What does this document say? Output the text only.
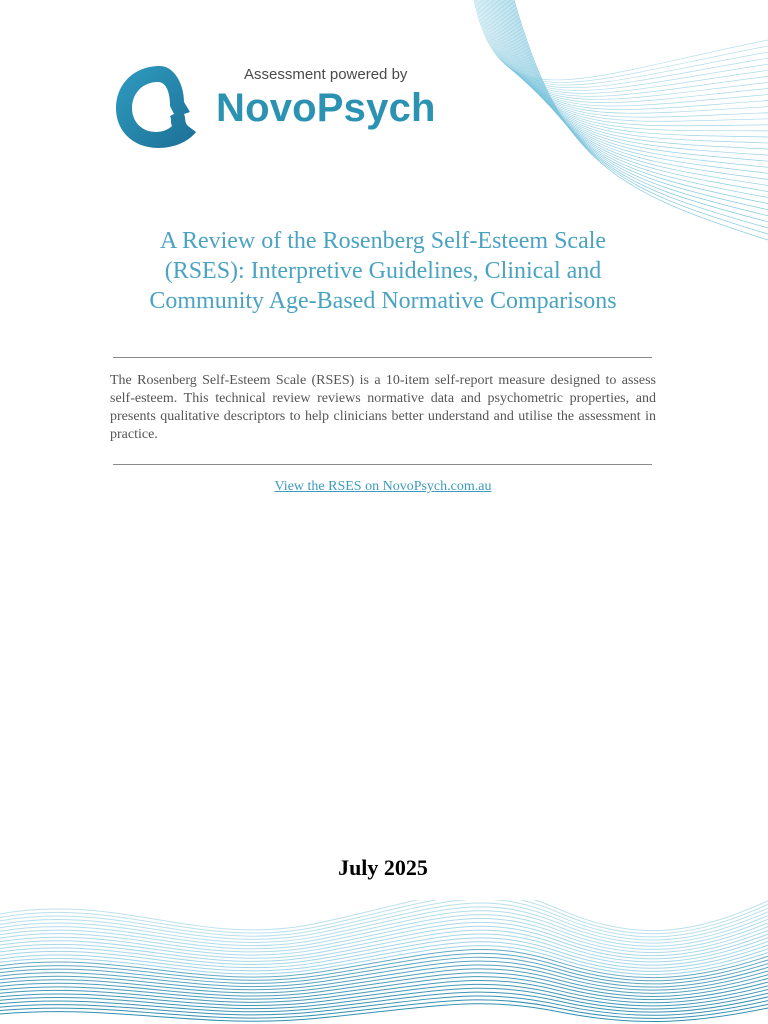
Assessment powered by
NovoPsych
A Review of the Rosenberg Self-Esteem Scale
(RSES): Interpretive Guidelines, Clinical and
Community Age-Based Normative Comparisons

The Rosenberg Self-Esteem Scale (RSES) is a 10-item self-report measure designed to assess self-esteem. This technical review reviews normative data and psychometric properties, and presents qualitative descriptors to help clinicians better understand and utilise the assessment in practice.

View the RSES on NovoPsych.com.au
July 2025
